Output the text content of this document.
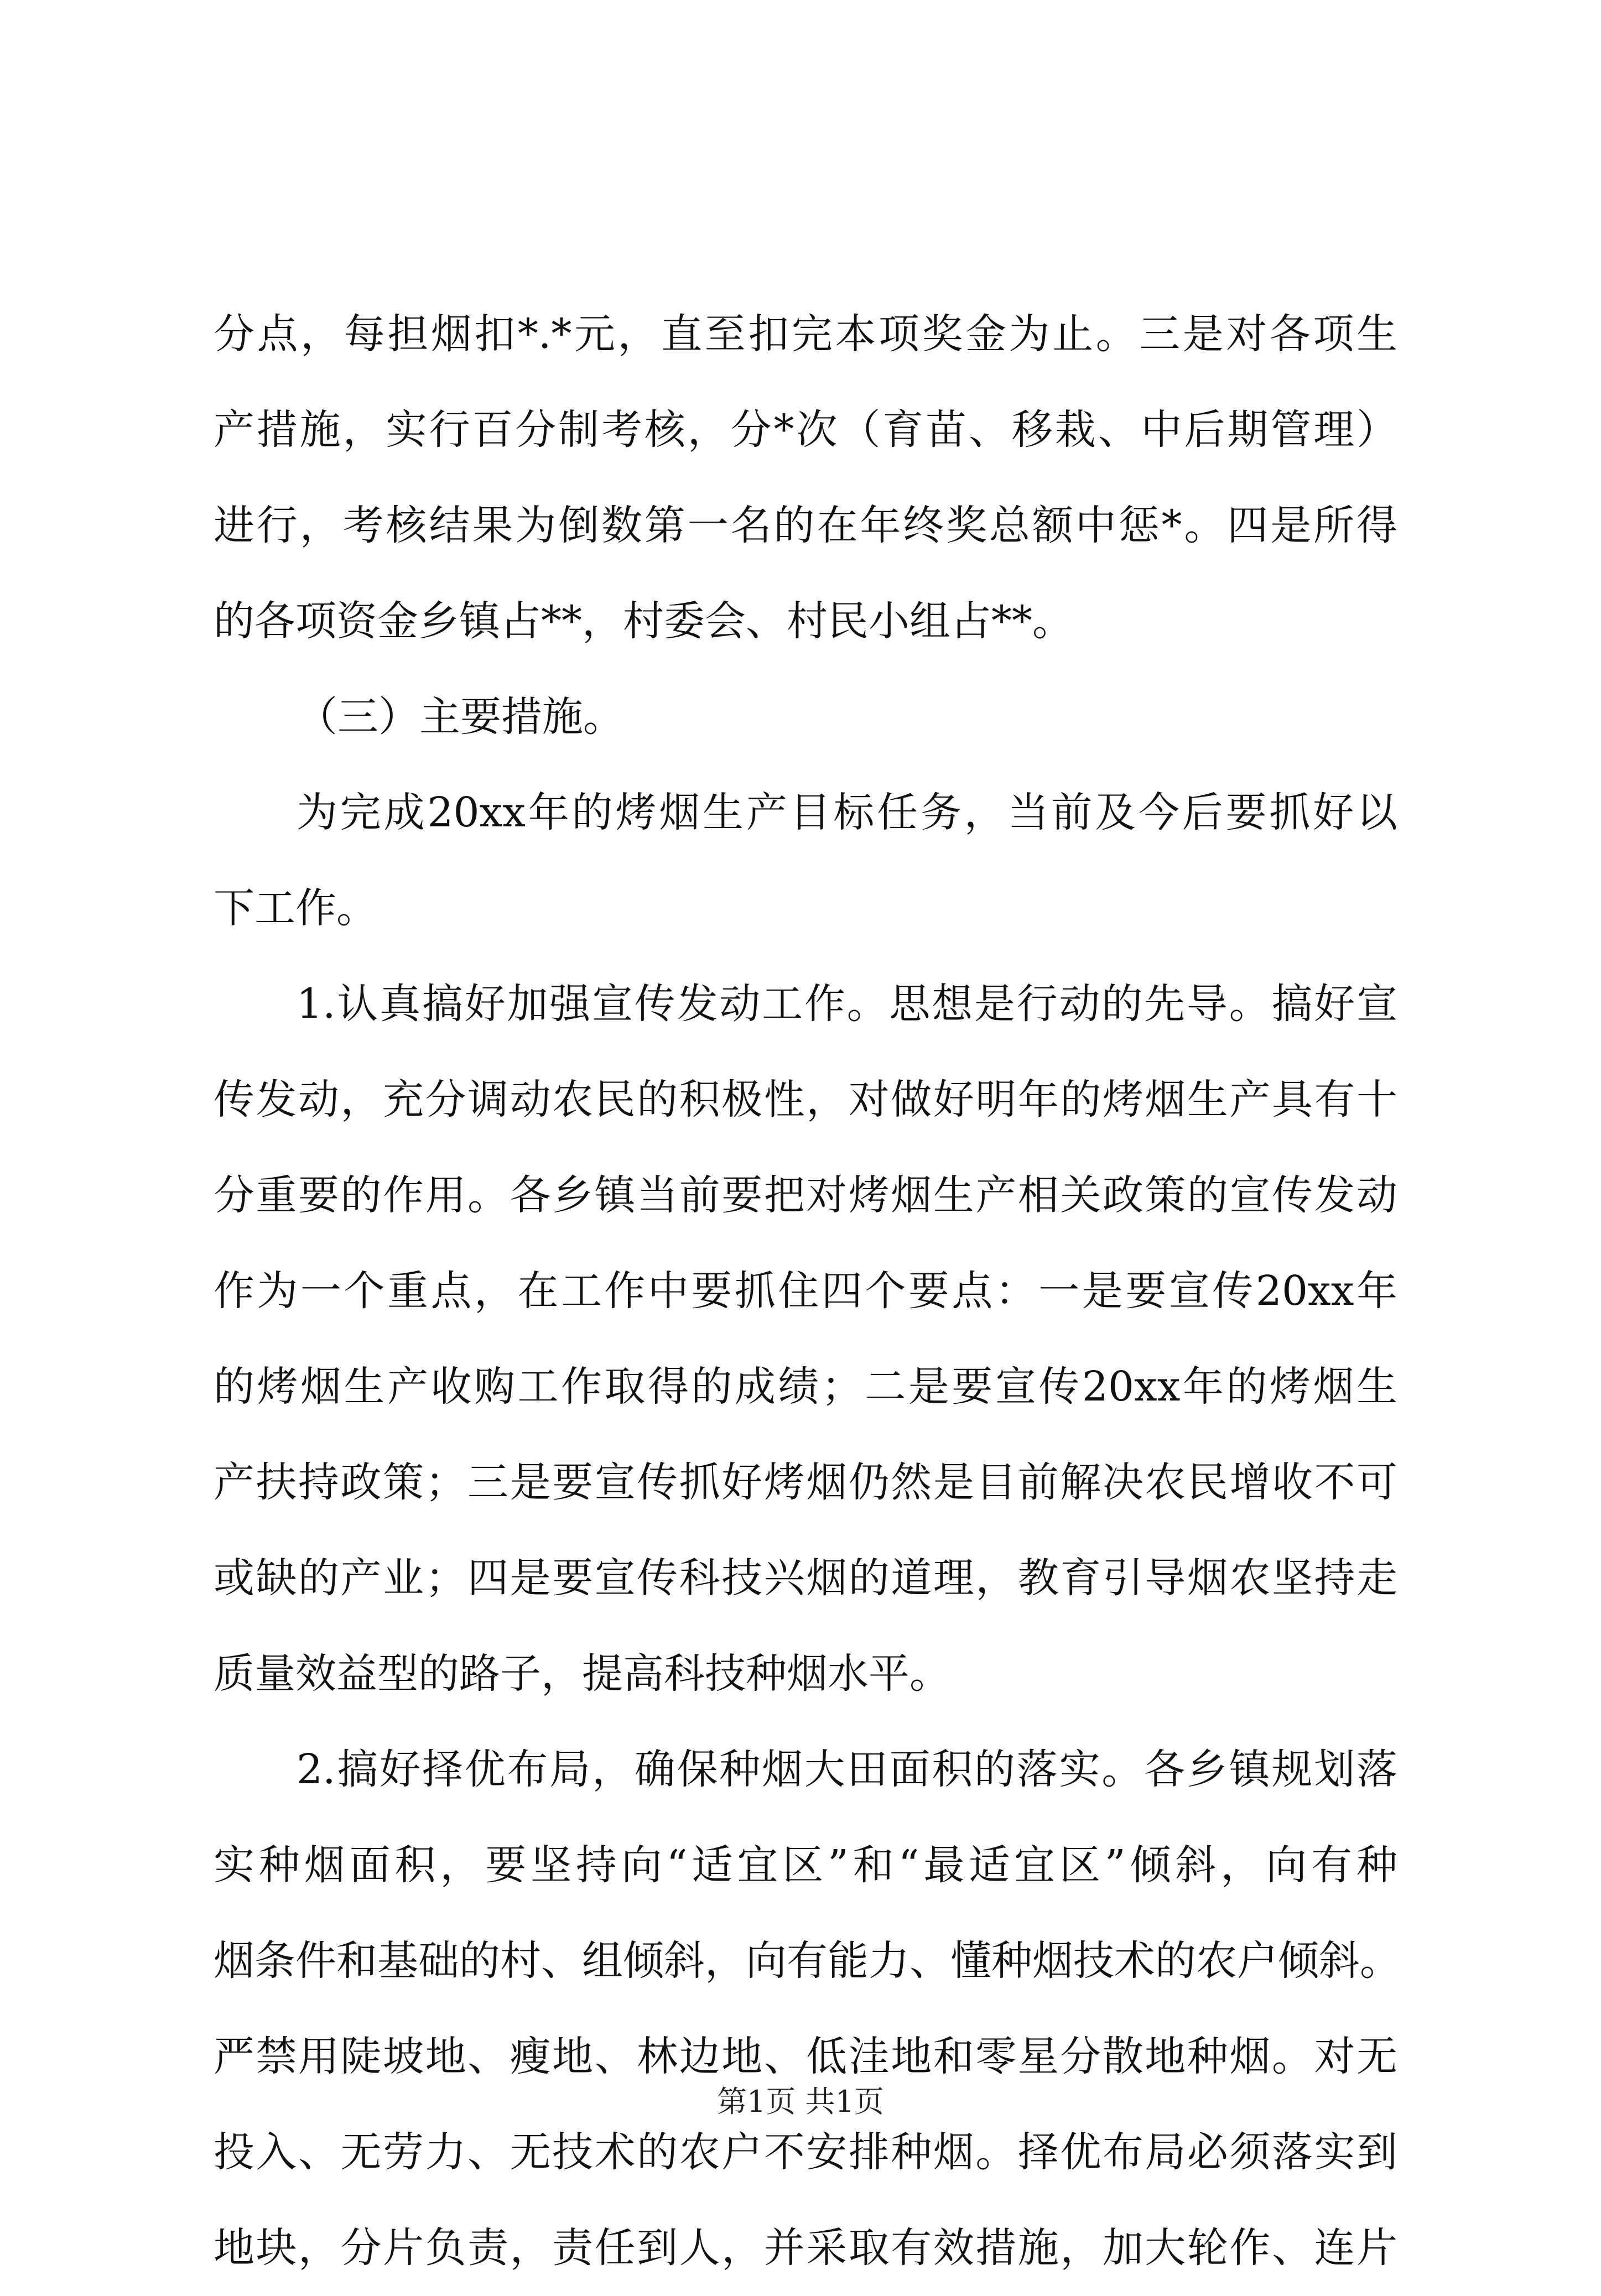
分点，每担烟扣*.*元，直至扣完本项奖金为止。三是对各项生
产措施，实行百分制考核，分*次（育苗、移栽、中后期管理）
进行，考核结果为倒数第一名的在年终奖总额中惩*。四是所得
的各项资金乡镇占**，村委会、村民小组占**。
（三）主要措施。
为完成20xx年的烤烟生产目标任务，当前及今后要抓好以
下工作。
1.认真搞好加强宣传发动工作。思想是行动的先导。搞好宣
传发动，充分调动农民的积极性，对做好明年的烤烟生产具有十
分重要的作用。各乡镇当前要把对烤烟生产相关政策的宣传发动
作为一个重点，在工作中要抓住四个要点：一是要宣传20xx年
的烤烟生产收购工作取得的成绩；二是要宣传20xx年的烤烟生
产扶持政策；三是要宣传抓好烤烟仍然是目前解决农民增收不可
或缺的产业；四是要宣传科技兴烟的道理，教育引导烟农坚持走
质量效益型的路子，提高科技种烟水平。
2.搞好择优布局，确保种烟大田面积的落实。各乡镇规划落
实种烟面积，要坚持向“适宜区”和“最适宜区”倾斜，向有种
烟条件和基础的村、组倾斜，向有能力、懂种烟技术的农户倾斜。
严禁用陡坡地、瘦地、林边地、低洼地和零星分散地种烟。对无
投入、无劳力、无技术的农户不安排种烟。择优布局必须落实到
地块，分片负责，责任到人，并采取有效措施，加大轮作、连片
第1页 共1页
